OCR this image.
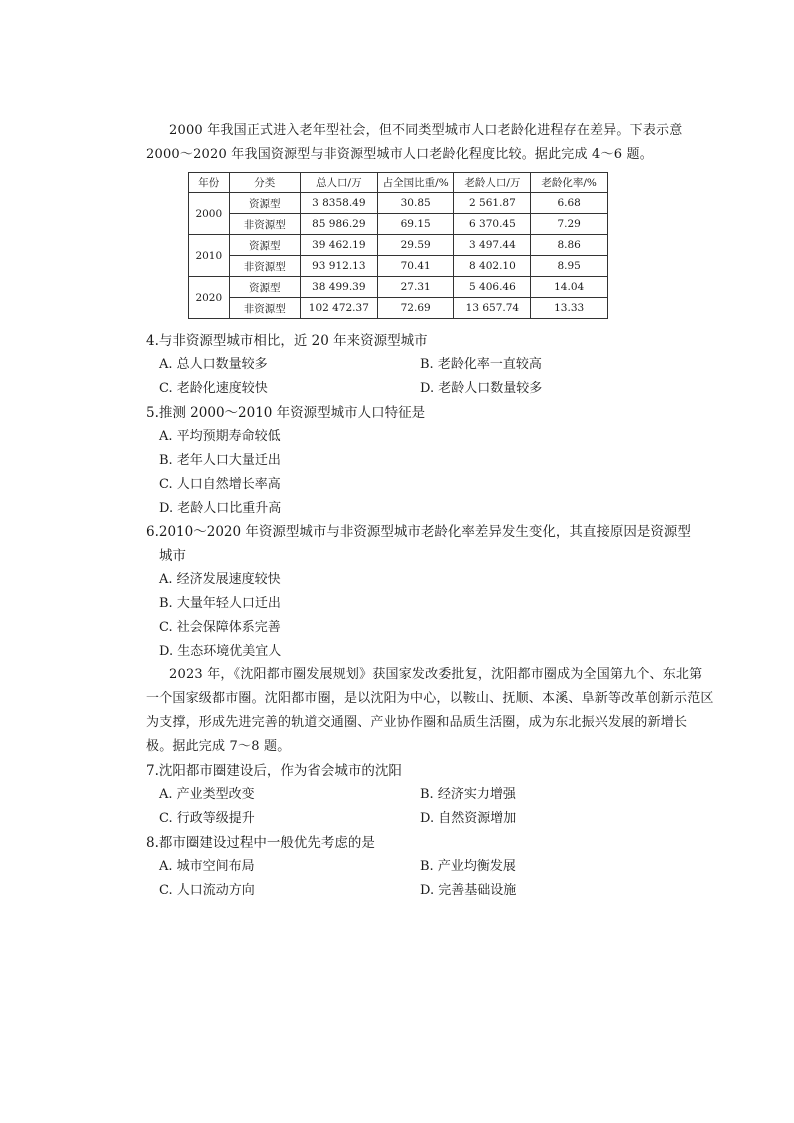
2000 年我国正式进入老年型社会，但不同类型城市人口老龄化进程存在差异。下表示意
2000～2020 年我国资源型与非资源型城市人口老龄化程度比较。据此完成 4～6 题。
年份	分类	总人口/万	占全国比重/%	老龄人口/万	老龄化率/%
2000	资源型	3 8358.49	30.85	2 561.87	6.68
	非资源型	85 986.29	69.15	6 370.45	7.29
2010	资源型	39 462.19	29.59	3 497.44	8.86
	非资源型	93 912.13	70.41	8 402.10	8.95
2020	资源型	38 499.39	27.31	5 406.46	14.04
	非资源型	102 472.37	72.69	13 657.74	13.33
4.与非资源型城市相比，近 20 年来资源型城市
A. 总人口数量较多	B. 老龄化率一直较高
C. 老龄化速度较快	D. 老龄人口数量较多
5.推测 2000～2010 年资源型城市人口特征是
A. 平均预期寿命较低
B. 老年人口大量迁出
C. 人口自然增长率高
D. 老龄人口比重升高
6.2010～2020 年资源型城市与非资源型城市老龄化率差异发生变化，其直接原因是资源型
城市
A. 经济发展速度较快
B. 大量年轻人口迁出
C. 社会保障体系完善
D. 生态环境优美宜人
2023 年，《沈阳都市圈发展规划》获国家发改委批复，沈阳都市圈成为全国第九个、东北第
一个国家级都市圈。沈阳都市圈，是以沈阳为中心，以鞍山、抚顺、本溪、阜新等改革创新示范区
为支撑，形成先进完善的轨道交通圈、产业协作圈和品质生活圈，成为东北振兴发展的新增长
极。据此完成 7～8 题。
7.沈阳都市圈建设后，作为省会城市的沈阳
A. 产业类型改变	B. 经济实力增强
C. 行政等级提升	D. 自然资源增加
8.都市圈建设过程中一般优先考虑的是
A. 城市空间布局	B. 产业均衡发展
C. 人口流动方向	D. 完善基础设施
